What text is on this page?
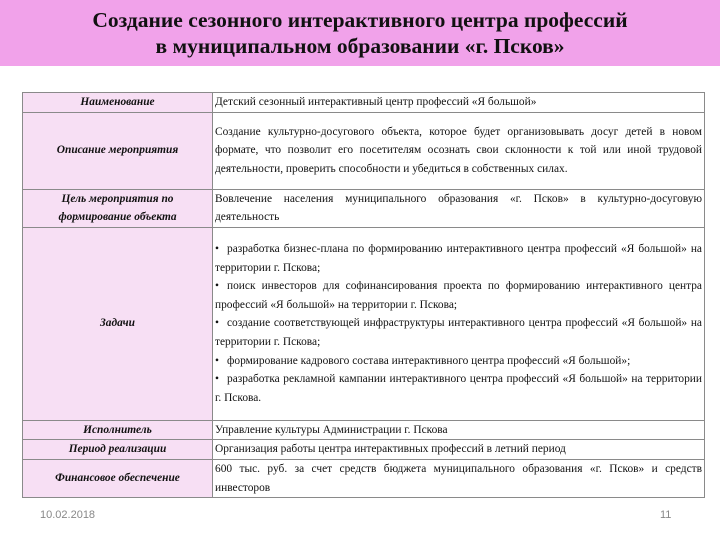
Создание сезонного интерактивного центра профессий
в муниципальном образовании «г. Псков»
Наименование	Детский сезонный интерактивный центр профессий «Я большой»
Описание мероприятия	Создание культурно-досугового объекта, которое будет организовывать досуг детей в новом формате, что позволит его посетителям осознать свои склонности к той или иной трудовой деятельности, проверить способности и убедиться в собственных силах.
Цель мероприятия по формирование объекта	Вовлечение населения муниципального образования «г. Псков» в культурно-досуговую деятельность
Задачи	• разработка бизнес-плана по формированию интерактивного центра профессий «Я большой» на территории г. Пскова;
• поиск инвесторов для софинансирования проекта по формированию интерактивного центра профессий «Я большой» на территории г. Пскова;
• создание соответствующей инфраструктуры интерактивного центра профессий «Я большой» на территории г. Пскова;
• формирование кадрового состава интерактивного центра профессий «Я большой»;
• разработка рекламной кампании интерактивного центра профессий «Я большой» на территории г. Пскова.

Исполнитель	Управление культуры Администрации г. Пскова
Период реализации	Организация работы центра интерактивных профессий в летний период
Финансовое обеспечение	600 тыс. руб. за счет средств бюджета муниципального образования «г. Псков» и средств инвесторов
10.02.2018	11
